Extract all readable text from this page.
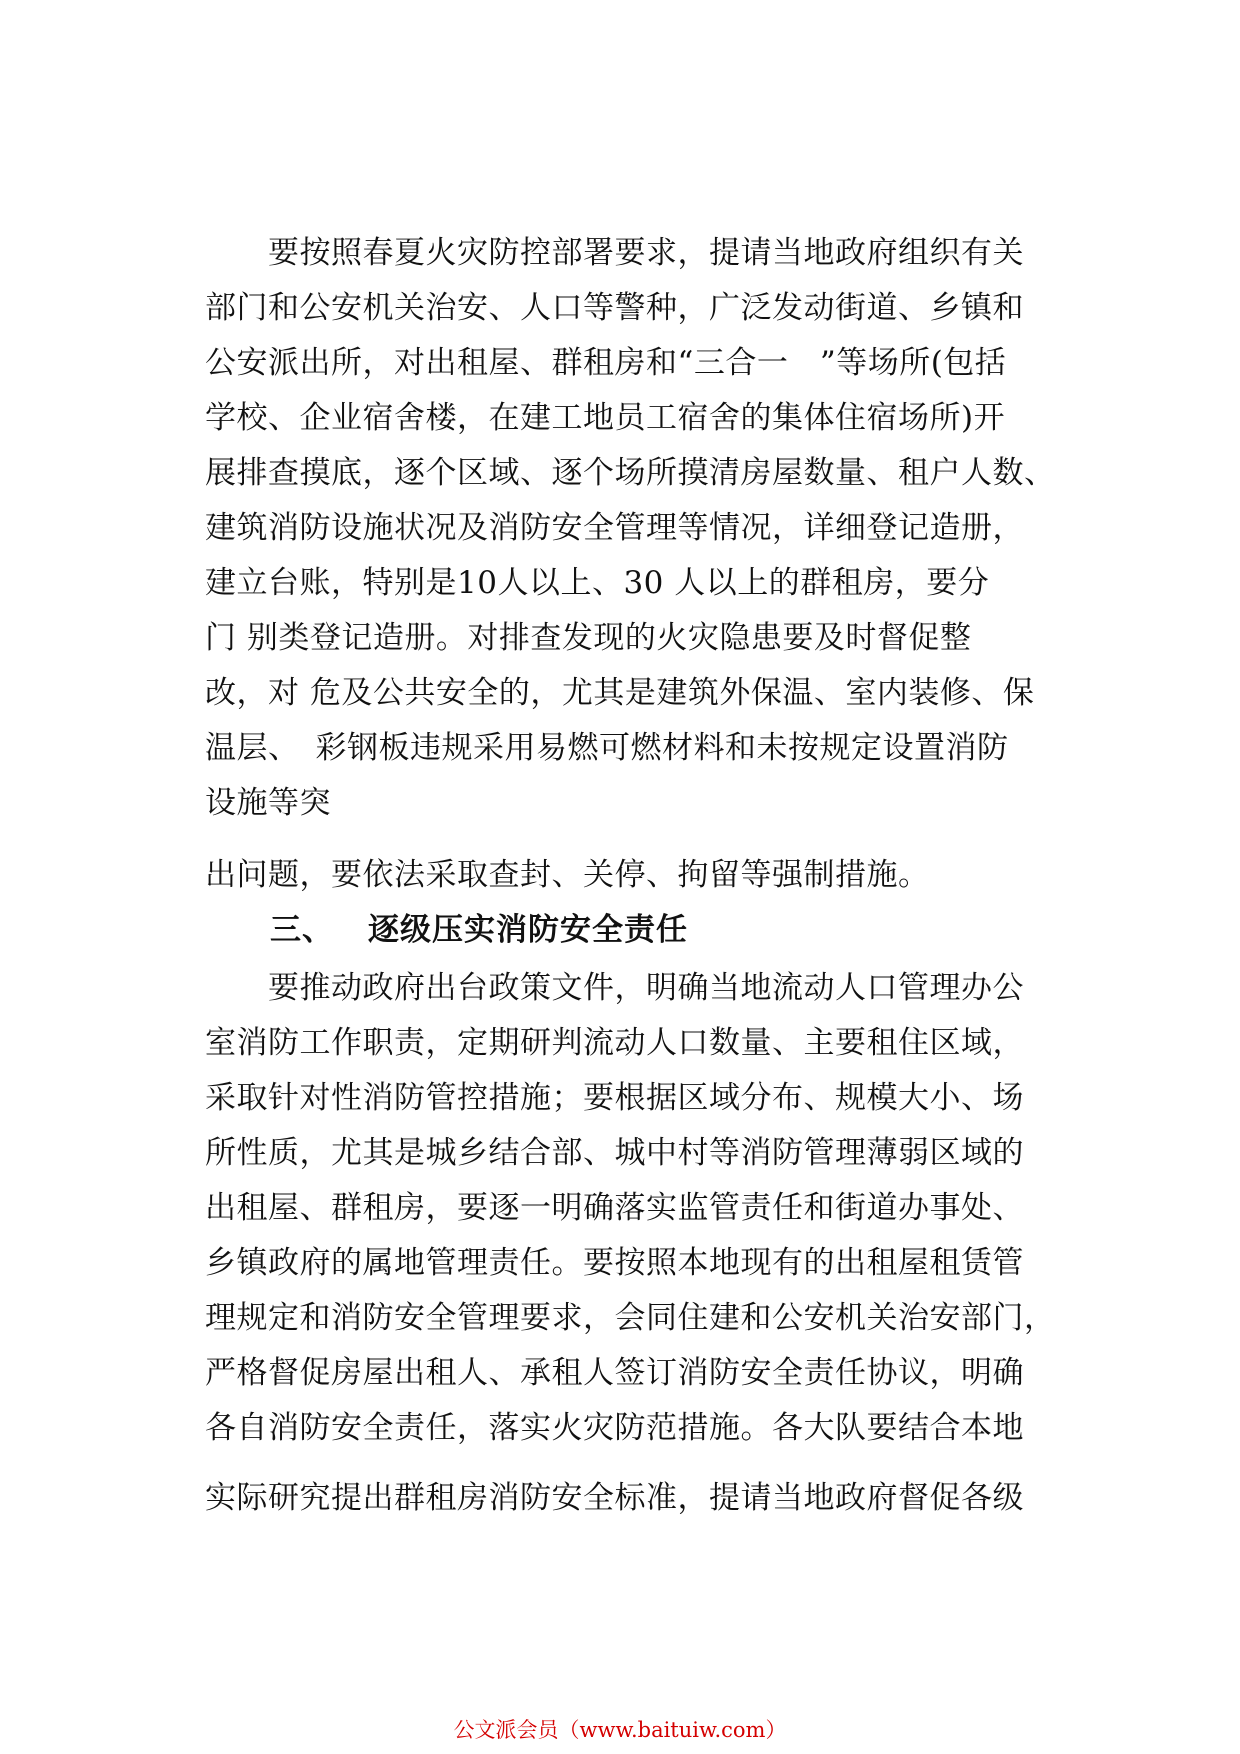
　　要按照春夏火灾防控部署要求，提请当地政府组织有关
部门和公安机关治安、人口等警种，广泛发动街道、乡镇和
公安派出所，对出租屋、群租房和“三合一　”等场所(包括
学校、企业宿舍楼，在建工地员工宿舍的集体住宿场所)开
展排查摸底，逐个区域、逐个场所摸清房屋数量、租户人数、
建筑消防设施状况及消防安全管理等情况，详细登记造册，
建立台账，特别是10人以上、30 人以上的群租房，要分
门 别类登记造册。对排查发现的火灾隐患要及时督促整
改，对 危及公共安全的，尤其是建筑外保温、室内装修、保
温层、　彩钢板违规采用易燃可燃材料和未按规定设置消防
设施等突
出问题，要依法采取查封、关停、拘留等强制措施。
三、 逐级压实消防安全责任
　　要推动政府出台政策文件，明确当地流动人口管理办公
室消防工作职责，定期研判流动人口数量、主要租住区域，
采取针对性消防管控措施；要根据区域分布、规模大小、场
所性质，尤其是城乡结合部、城中村等消防管理薄弱区域的
出租屋、群租房，要逐一明确落实监管责任和街道办事处、
乡镇政府的属地管理责任。要按照本地现有的出租屋租赁管
理规定和消防安全管理要求，会同住建和公安机关治安部门，
严格督促房屋出租人、承租人签订消防安全责任协议，明确
各自消防安全责任，落实火灾防范措施。各大队要结合本地
实际研究提出群租房消防安全标准，提请当地政府督促各级
公文派会员（www.baituiw.com）
